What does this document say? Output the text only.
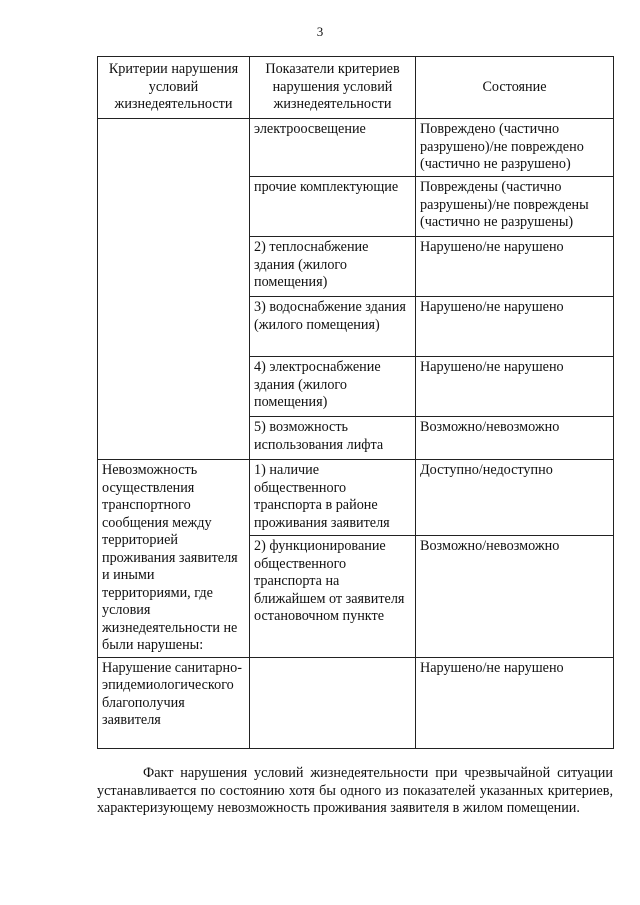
3
Критерии нарушения условий жизнедеятельности	Показатели критериев нарушения условий жизнедеятельности	Состояние
	электроосвещение	Повреждено (частично разрушено)/не повреждено (частично не разрушено)
	прочие комплектующие	Повреждены (частично разрушены)/не повреждены (частично не разрушены)
	2) теплоснабжение здания (жилого помещения)	Нарушено/не нарушено
	3) водоснабжение здания (жилого помещения)	Нарушено/не нарушено
	4) электроснабжение здания (жилого помещения)	Нарушено/не нарушено
	5) возможность использования лифта	Возможно/невозможно
Невозможность осуществления транспортного сообщения между территорией проживания заявителя и иными территориями, где условия жизнедеятельности не были нарушены:	1) наличие общественного транспорта в районе проживания заявителя	Доступно/недоступно
	2) функционирование общественного транспорта на ближайшем от заявителя остановочном пункте	Возможно/невозможно
Нарушение санитарно-эпидемиологического благополучия заявителя		Нарушено/не нарушено

Факт нарушения условий жизнедеятельности при чрезвычайной ситуации устанавливается по состоянию хотя бы одного из показателей указанных критериев, характеризующему невозможность проживания заявителя в жилом помещении.
